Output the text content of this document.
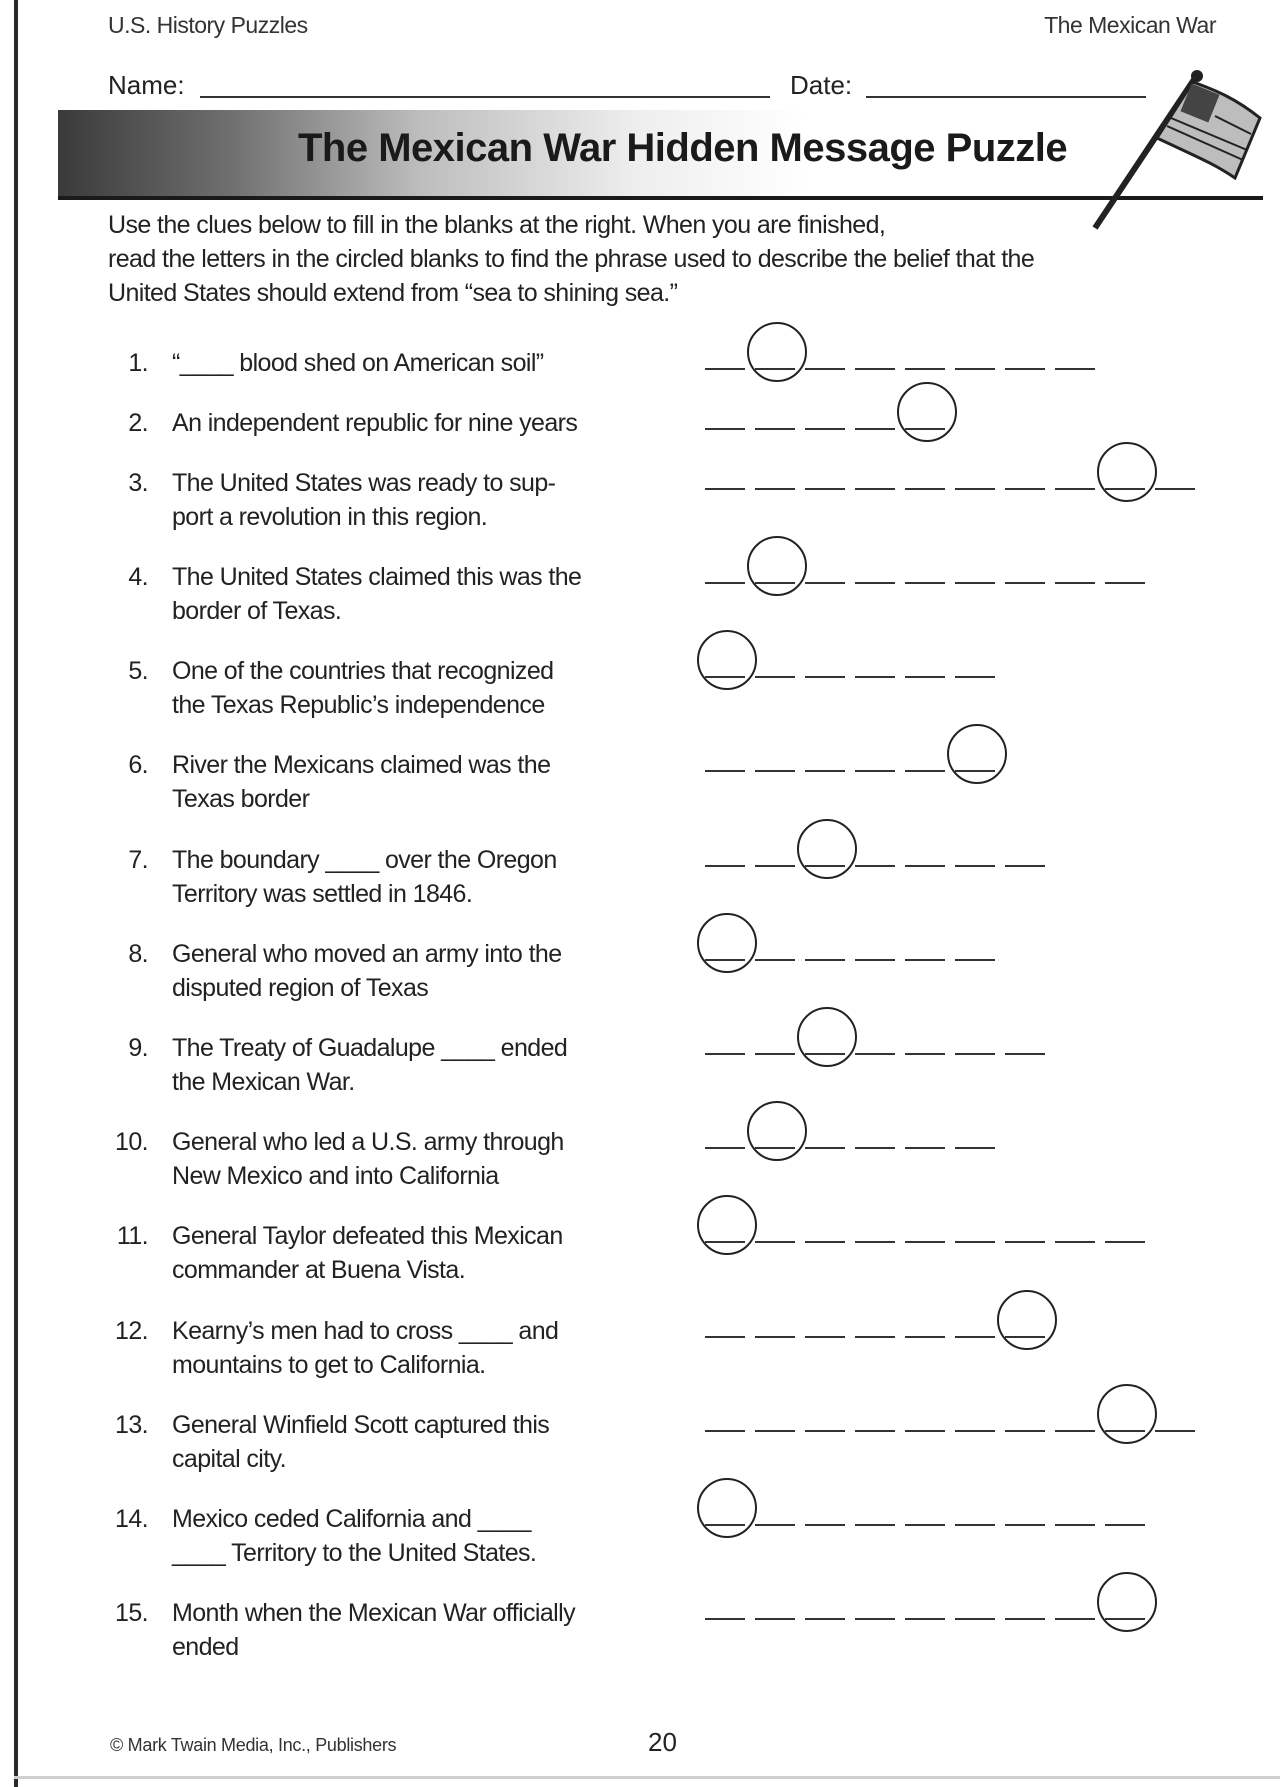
U.S. History Puzzles	The Mexican War
Name:	Date:
The Mexican War Hidden Message Puzzle
Use the clues below to fill in the blanks at the right. When you are finished,
read the letters in the circled blanks to find the phrase used to describe the belief that the
United States should extend from “sea to shining sea.”
1. “____ blood shed on American soil”
2. An independent republic for nine years
3. The United States was ready to sup-
port a revolution in this region.
4. The United States claimed this was the
border of Texas.
5. One of the countries that recognized
the Texas Republic’s independence
6. River the Mexicans claimed was the
Texas border
7. The boundary ____ over the Oregon
Territory was settled in 1846.
8. General who moved an army into the
disputed region of Texas
9. The Treaty of Guadalupe ____ ended
the Mexican War.
10. General who led a U.S. army through
New Mexico and into California
11. General Taylor defeated this Mexican
commander at Buena Vista.
12. Kearny’s men had to cross ____ and
mountains to get to California.
13. General Winfield Scott captured this
capital city.
14. Mexico ceded California and ____
____ Territory to the United States.
15. Month when the Mexican War officially
ended
© Mark Twain Media, Inc., Publishers	20
